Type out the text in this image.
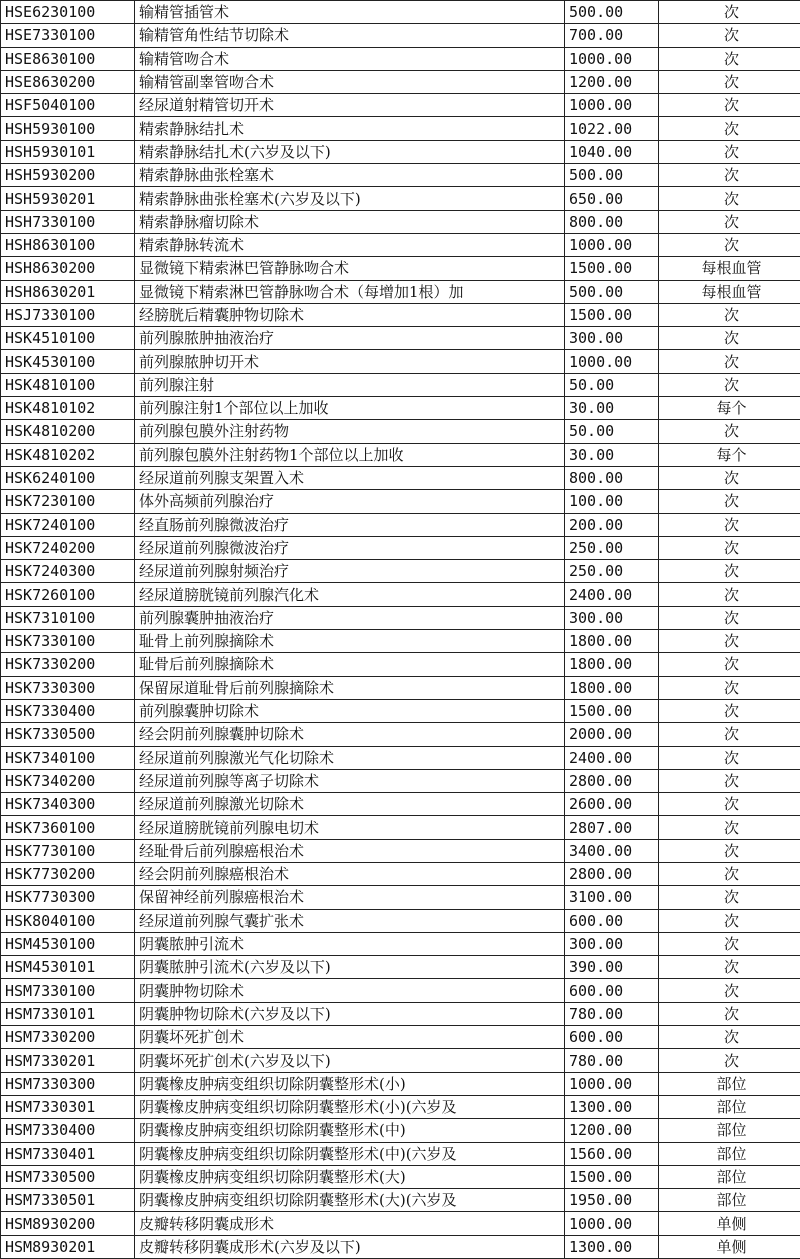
HSE6230100	输精管插管术	500.00	次
HSE7330100	输精管角性结节切除术	700.00	次
HSE8630100	输精管吻合术	1000.00	次
HSE8630200	输精管副睾管吻合术	1200.00	次
HSF5040100	经尿道射精管切开术	1000.00	次
HSH5930100	精索静脉结扎术	1022.00	次
HSH5930101	精索静脉结扎术(六岁及以下)	1040.00	次
HSH5930200	精索静脉曲张栓塞术	500.00	次
HSH5930201	精索静脉曲张栓塞术(六岁及以下)	650.00	次
HSH7330100	精索静脉瘤切除术	800.00	次
HSH8630100	精索静脉转流术	1000.00	次
HSH8630200	显微镜下精索淋巴管静脉吻合术	1500.00	每根血管
HSH8630201	显微镜下精索淋巴管静脉吻合术（每增加1根）加	500.00	每根血管
HSJ7330100	经膀胱后精囊肿物切除术	1500.00	次
HSK4510100	前列腺脓肿抽液治疗	300.00	次
HSK4530100	前列腺脓肿切开术	1000.00	次
HSK4810100	前列腺注射	50.00	次
HSK4810102	前列腺注射1个部位以上加收	30.00	每个
HSK4810200	前列腺包膜外注射药物	50.00	次
HSK4810202	前列腺包膜外注射药物1个部位以上加收	30.00	每个
HSK6240100	经尿道前列腺支架置入术	800.00	次
HSK7230100	体外高频前列腺治疗	100.00	次
HSK7240100	经直肠前列腺微波治疗	200.00	次
HSK7240200	经尿道前列腺微波治疗	250.00	次
HSK7240300	经尿道前列腺射频治疗	250.00	次
HSK7260100	经尿道膀胱镜前列腺汽化术	2400.00	次
HSK7310100	前列腺囊肿抽液治疗	300.00	次
HSK7330100	耻骨上前列腺摘除术	1800.00	次
HSK7330200	耻骨后前列腺摘除术	1800.00	次
HSK7330300	保留尿道耻骨后前列腺摘除术	1800.00	次
HSK7330400	前列腺囊肿切除术	1500.00	次
HSK7330500	经会阴前列腺囊肿切除术	2000.00	次
HSK7340100	经尿道前列腺激光气化切除术	2400.00	次
HSK7340200	经尿道前列腺等离子切除术	2800.00	次
HSK7340300	经尿道前列腺激光切除术	2600.00	次
HSK7360100	经尿道膀胱镜前列腺电切术	2807.00	次
HSK7730100	经耻骨后前列腺癌根治术	3400.00	次
HSK7730200	经会阴前列腺癌根治术	2800.00	次
HSK7730300	保留神经前列腺癌根治术	3100.00	次
HSK8040100	经尿道前列腺气囊扩张术	600.00	次
HSM4530100	阴囊脓肿引流术	300.00	次
HSM4530101	阴囊脓肿引流术(六岁及以下)	390.00	次
HSM7330100	阴囊肿物切除术	600.00	次
HSM7330101	阴囊肿物切除术(六岁及以下)	780.00	次
HSM7330200	阴囊坏死扩创术	600.00	次
HSM7330201	阴囊坏死扩创术(六岁及以下)	780.00	次
HSM7330300	阴囊橡皮肿病变组织切除阴囊整形术(小)	1000.00	部位
HSM7330301	阴囊橡皮肿病变组织切除阴囊整形术(小)(六岁及	1300.00	部位
HSM7330400	阴囊橡皮肿病变组织切除阴囊整形术(中)	1200.00	部位
HSM7330401	阴囊橡皮肿病变组织切除阴囊整形术(中)(六岁及	1560.00	部位
HSM7330500	阴囊橡皮肿病变组织切除阴囊整形术(大)	1500.00	部位
HSM7330501	阴囊橡皮肿病变组织切除阴囊整形术(大)(六岁及	1950.00	部位
HSM8930200	皮瓣转移阴囊成形术	1000.00	单侧
HSM8930201	皮瓣转移阴囊成形术(六岁及以下)	1300.00	单侧
